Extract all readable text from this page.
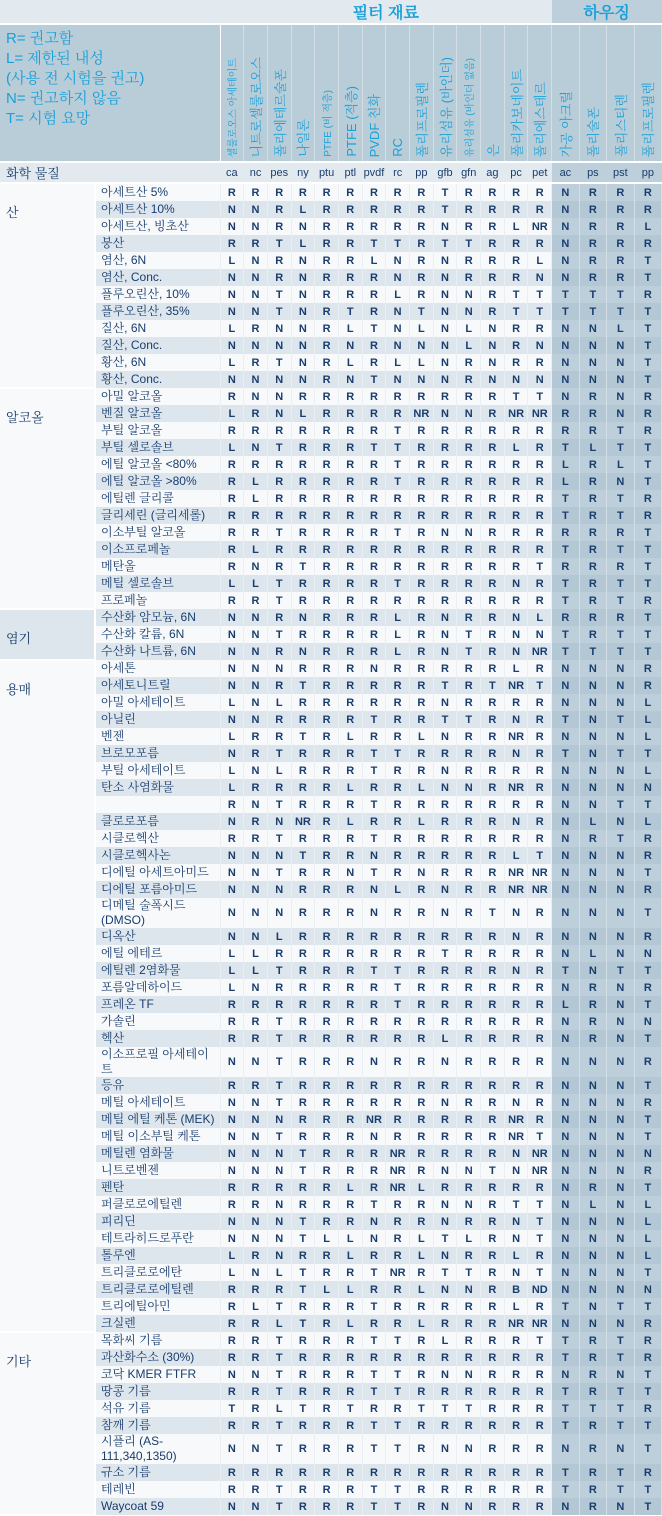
		필터 재료														하우징			

R= 권고함
L= 제한된 내성
(사용 전 시험을 권고)
N= 권고하지 않음
T= 시험 요망		셀룰로오스 아세테이트	니트로셀룰로오스	폴리에테르술폰	나일론	PTFE (비 적층)	PTFE (적층)	PVDF 친화	RC	폴리프로필렌	유리섬유 (바인더)	유리섬유 (바인더 없음)	은	폴리카보네이트	폴리에스테르	가공 아크릴	폴리술폰	폴리스티렌	폴리프로필렌

화학 물질		ca	nc	pes	ny	ptu	ptl	pvdf	rc	pp	gfb	gfn	ag	pc	pet	ac	ps	pst	pp
산	아세트산 5%	R	R	R	R	R	R	R	R	R	T	R	R	R	R	N	R	R	R
	아세트산 10%	N	N	R	L	R	R	R	R	R	T	R	R	R	R	N	R	R	R
	아세트산, 빙초산	N	N	R	N	R	R	R	R	R	N	R	R	L	NR	N	R	R	L
	붕산	R	R	T	L	R	R	T	T	R	T	T	R	R	R	N	R	R	R
	염산, 6N	L	N	R	N	R	R	L	N	R	N	R	R	R	L	N	R	R	T
	염산, Conc.	N	N	R	N	R	R	R	N	R	N	R	R	R	N	N	R	R	T
	플루오린산, 10%	N	N	T	N	R	R	R	L	R	N	N	R	T	T	T	T	T	R
	플루오린산, 35%	N	N	T	N	R	T	R	N	T	N	N	R	T	T	T	T	T	T
	질산, 6N	L	R	N	N	R	L	T	N	L	N	L	N	R	R	N	N	L	T
	질산, Conc.	N	N	N	N	R	N	R	N	N	N	L	N	R	N	N	N	N	T
	황산, 6N	L	R	T	N	R	L	R	L	L	N	R	N	R	R	N	N	N	T
	황산, Conc.	N	N	N	N	R	N	T	N	N	N	R	N	N	N	N	N	N	T
알코올	아밀 알코올	R	N	N	R	R	R	R	R	R	R	R	R	T	T	N	R	N	R
	벤질 알코올	L	R	N	L	R	R	R	R	NR	N	N	R	NR	NR	R	R	N	R
	부틸 알코올	R	R	R	R	R	R	R	T	R	R	R	R	R	R	R	R	T	R
	부틸 셀로솔브	L	N	T	R	R	R	T	T	R	R	R	R	L	R	T	L	T	T
	에틸 알코올 <80%	R	R	R	R	R	R	R	T	R	R	R	R	R	R	L	R	L	T
	에틸 알코올 >80%	R	L	R	R	R	R	R	T	R	R	R	R	R	R	L	R	N	T
	에틸렌 글리콜	R	L	R	R	R	R	R	R	R	R	R	R	R	R	T	R	T	R
	글리세린 (글리세롤)	R	R	R	R	R	R	R	R	R	R	R	R	R	R	T	R	T	R
	이소부틸 알코올	R	R	T	R	R	R	R	T	R	N	N	R	R	R	R	R	R	T
	이소프로페놀	R	L	R	R	R	R	R	R	R	R	R	R	R	R	T	R	T	T
	메탄올	R	N	R	T	R	R	R	R	R	R	R	R	R	T	R	R	R	T
	메틸 셀로솔브	L	L	T	R	R	R	R	T	R	R	R	R	N	R	T	R	T	T
	프로페놀	R	R	T	R	R	R	R	R	R	R	R	R	R	R	T	R	T	R
염기	수산화 암모늄, 6N	N	N	R	N	R	R	R	L	R	N	R	R	N	L	R	R	R	T
	수산화 칼륨, 6N	N	N	T	R	R	R	R	L	R	N	T	R	N	N	T	R	T	T
	수산화 나트륨, 6N	N	N	R	N	R	R	R	L	R	N	T	R	N	NR	T	T	T	T
용매	아세톤	N	N	N	R	R	R	N	R	R	R	R	R	L	R	N	N	N	R
	아세토니트릴	N	N	R	T	R	R	R	R	R	T	R	T	NR	T	N	N	N	R
	아밀 아세테이트	L	N	L	R	R	R	R	R	R	N	R	R	R	R	N	N	N	L
	아닐린	N	N	R	R	R	R	T	R	R	T	T	R	N	R	T	N	T	L
	벤젠	L	R	R	T	R	L	R	R	L	N	R	R	NR	R	N	N	N	L
	브로모포름	N	R	T	R	R	R	T	T	R	R	R	R	N	R	T	N	T	T
	부틸 아세테이트	L	N	L	R	R	R	T	R	R	N	R	R	R	R	N	N	N	L
	탄소 사염화물	L	R	R	R	R	L	R	R	L	N	N	R	NR	R	N	N	N	N
		R	N	T	R	R	R	T	R	R	R	R	R	R	R	N	N	T	T
	클로로포름	N	R	N	NR	R	L	R	R	L	R	R	R	N	R	N	L	N	L
	시클로헥산	R	R	T	R	R	R	T	R	R	R	R	R	R	R	N	R	T	R
	시클로헥사논	N	N	N	T	R	R	N	R	R	R	R	R	L	T	N	N	N	R
	디에틸 아세트아미드	N	N	T	R	R	N	T	R	N	R	R	R	NR	NR	N	N	N	T
	디에틸 포름아미드	N	N	N	R	R	R	N	L	R	N	R	R	NR	NR	N	N	N	R
	디메틸 술폭시드(DMSO)	N	N	N	R	R	R	N	R	R	N	R	T	N	R	N	N	N	T
	디옥산	N	N	L	R	R	R	R	R	R	R	R	R	N	R	N	N	N	R
	에틸 에테르	L	L	R	R	R	R	R	R	R	T	R	R	R	R	N	L	N	N
	에틸렌 2염화물	L	L	T	R	R	R	T	T	R	R	R	R	N	R	T	N	T	T
	포름알데하이드	L	N	R	R	R	R	R	T	R	R	R	R	R	R	N	R	N	R
	프레온 TF	R	R	R	R	R	R	R	T	R	R	R	R	R	R	L	R	N	T
	가솔린	R	R	T	R	R	R	R	R	R	R	R	R	R	R	N	R	N	N
	헥산	R	R	T	R	R	R	R	R	R	L	R	R	R	R	N	R	N	T
	이소프로필 아세테이트	N	N	T	R	R	R	N	R	R	N	R	R	R	R	N	N	N	R
	등유	R	R	T	R	R	R	R	R	R	R	R	R	R	R	N	N	N	T
	메틸 아세테이트	N	N	T	R	R	R	R	R	R	N	R	R	N	R	N	N	N	R
	메틸 에틸 케톤 (MEK)	N	N	N	R	R	R	NR	R	R	R	R	R	NR	R	N	N	N	T
	메틸 이소부틸 케톤	N	N	T	R	R	R	N	R	R	R	R	R	NR	T	N	N	N	T
	메틸렌 염화물	N	N	N	T	R	R	R	NR	R	R	R	R	N	NR	N	N	N	N
	니트로벤젠	N	N	N	T	R	R	R	NR	R	N	N	T	N	NR	N	N	N	R
	펜탄	R	R	R	R	R	L	R	NR	L	R	R	R	R	R	N	R	N	T
	퍼클로로에틸렌	R	R	N	R	R	R	T	R	R	N	N	R	T	T	N	L	N	L
	피리딘	N	N	N	T	R	R	N	R	R	N	R	R	N	T	N	N	N	L
	테트라히드로푸란	N	N	N	T	L	L	N	R	L	T	L	R	N	T	N	N	N	L
	톨루엔	L	R	N	R	R	L	R	R	L	N	R	R	L	R	N	N	N	L
	트리클로로에탄	L	N	L	T	R	R	T	NR	R	T	T	R	N	T	N	N	N	T
	트리클로로에틸렌	R	R	R	T	L	L	R	R	L	N	N	R	B	ND	N	N	N	N
	트리에틸아민	R	L	T	R	R	R	T	R	R	R	R	R	L	R	T	N	T	T
	크실렌	R	R	L	T	R	L	R	R	L	R	R	R	NR	NR	N	N	N	R
기타	목화씨 기름	R	R	T	R	R	R	T	T	R	L	R	R	R	T	T	R	T	R
	과산화수소 (30%)	R	R	T	R	R	R	R	R	R	R	R	R	R	R	T	R	T	R
	코닥 KMER FTFR	N	N	T	R	R	R	T	T	R	N	N	R	R	R	N	R	N	T
	땅콩 기름	R	R	T	R	R	R	T	T	R	R	R	R	R	R	T	R	T	T
	석유 기름	T	R	L	T	R	T	R	R	T	T	T	R	R	R	T	T	T	R
	참깨 기름	R	R	T	R	R	R	T	T	R	R	R	R	R	R	T	R	T	T
	시플리 (AS-111,340,1350)	N	N	T	R	R	R	T	T	R	N	N	R	R	R	N	R	N	T
	규소 기름	R	R	R	R	R	R	R	R	R	R	R	R	R	R	T	R	T	R
	테레빈	R	R	T	R	R	R	T	T	R	R	R	R	R	R	T	R	T	T
	Waycoat 59	N	N	T	R	R	R	T	T	R	N	N	R	R	R	N	R	N	T
